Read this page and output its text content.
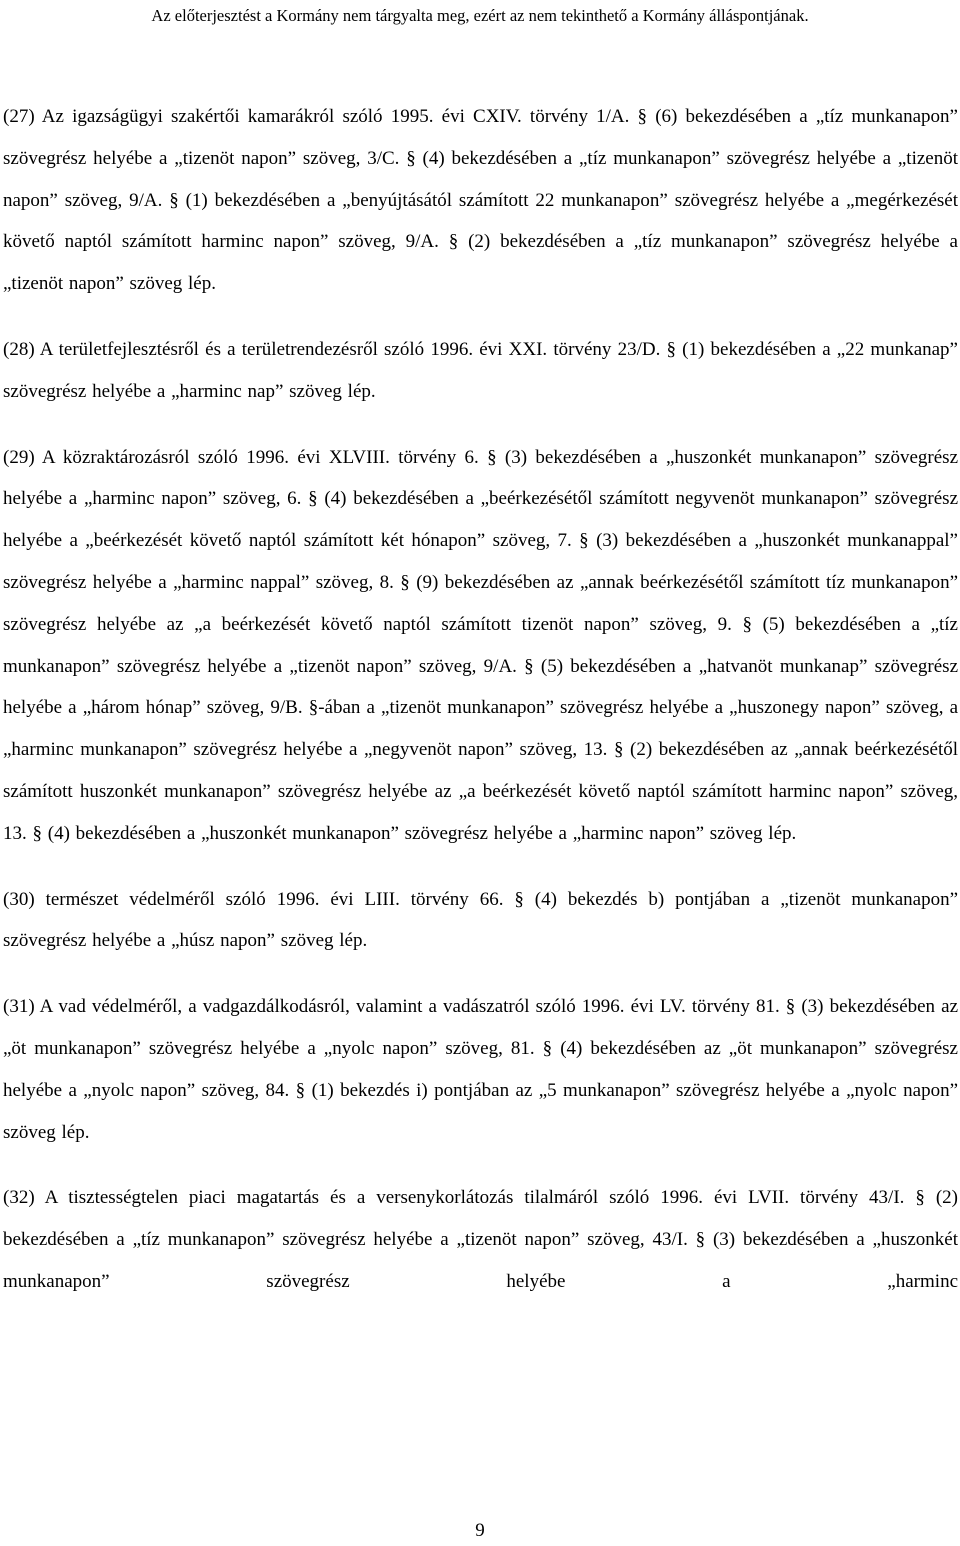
Az előterjesztést a Kormány nem tárgyalta meg, ezért az nem tekinthető a Kormány álláspontjának.

(27) Az igazságügyi szakértői kamarákról szóló 1995. évi CXIV. törvény 1/A. § (6) bekezdésében a „tíz munkanapon” szövegrész helyébe a „tizenöt napon” szöveg, 3/C. § (4) bekezdésében a „tíz munkanapon” szövegrész helyébe a „tizenöt napon” szöveg, 9/A. § (1) bekezdésében a „benyújtásától számított 22 munkanapon” szövegrész helyébe a „megérkezését követő naptól számított harminc napon” szöveg, 9/A. § (2) bekezdésében a „tíz munkanapon” szövegrész helyébe a „tizenöt napon” szöveg lép.

(28) A területfejlesztésről és a területrendezésről szóló 1996. évi XXI. törvény 23/D. § (1) bekezdésében a „22 munkanap” szövegrész helyébe a „harminc nap” szöveg lép.

(29) A közraktározásról szóló 1996. évi XLVIII. törvény 6. § (3) bekezdésében a „huszonkét munkanapon” szövegrész helyébe a „harminc napon” szöveg, 6. § (4) bekezdésében a „beérkezésétől számított negyvenöt munkanapon” szövegrész helyébe a „beérkezését követő naptól számított két hónapon” szöveg, 7. § (3) bekezdésében a „huszonkét munkanappal” szövegrész helyébe a „harminc nappal” szöveg, 8. § (9) bekezdésében az „annak beérkezésétől számított tíz munkanapon” szövegrész helyébe az „a beérkezését követő naptól számított tizenöt napon” szöveg, 9. § (5) bekezdésében a „tíz munkanapon” szövegrész helyébe a „tizenöt napon” szöveg, 9/A. § (5) bekezdésében a „hatvanöt munkanap” szövegrész helyébe a „három hónap” szöveg, 9/B. §-ában a „tizenöt munkanapon” szövegrész helyébe a „huszonegy napon” szöveg, a „harminc munkanapon” szövegrész helyébe a „negyvenöt napon” szöveg, 13. § (2) bekezdésében az „annak beérkezésétől számított huszonkét munkanapon” szövegrész helyébe az „a beérkezését követő naptól számított harminc napon” szöveg, 13. § (4) bekezdésében a „huszonkét munkanapon” szövegrész helyébe a „harminc napon” szöveg lép.

(30) természet védelméről szóló 1996. évi LIII. törvény 66. § (4) bekezdés b) pontjában a „tizenöt munkanapon” szövegrész helyébe a „húsz napon” szöveg lép.

(31) A vad védelméről, a vadgazdálkodásról, valamint a vadászatról szóló 1996. évi LV. törvény 81. § (3) bekezdésében az „öt munkanapon” szövegrész helyébe a „nyolc napon” szöveg, 81. § (4) bekezdésében az „öt munkanapon” szövegrész helyébe a „nyolc napon” szöveg, 84. § (1) bekezdés i) pontjában az „5 munkanapon” szövegrész helyébe a „nyolc napon” szöveg lép.

(32) A tisztességtelen piaci magatartás és a versenykorlátozás tilalmáról szóló 1996. évi LVII. törvény 43/I. § (2) bekezdésében a „tíz munkanapon” szövegrész helyébe a „tizenöt napon” szöveg, 43/I. § (3) bekezdésében a „huszonkét munkanapon” szövegrész helyébe a „harminc

9
